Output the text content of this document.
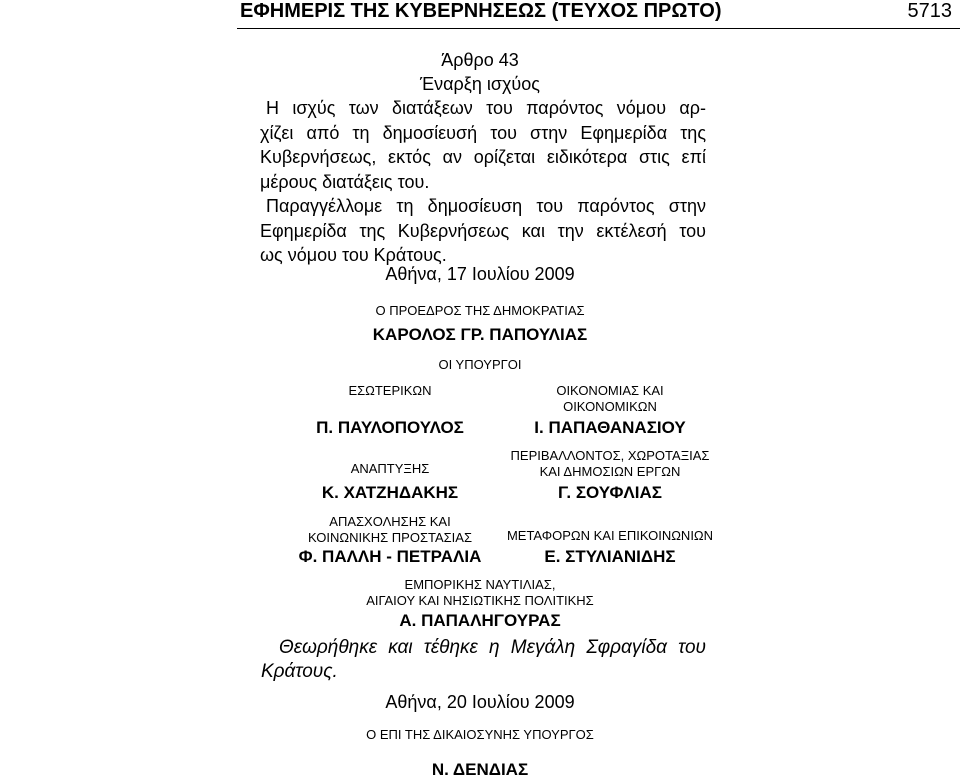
ΕΦΗΜΕΡΙΣ ΤΗΣ ΚΥΒΕΡΝΗΣΕΩΣ (ΤΕΥΧΟΣ ΠΡΩΤΟ)	5713
Άρθρο 43
Έναρξη ισχύος
Η ισχύς των διατάξεων του παρόντος νόμου αρ-
χίζει από τη δημοσίευσή του στην Εφημερίδα της
Κυβερνήσεως, εκτός αν ορίζεται ειδικότερα στις επί
μέρους διατάξεις του.
Παραγγέλλομε τη δημοσίευση του παρόντος στην
Εφημερίδα της Κυβερνήσεως και την εκτέλεσή του
ως νόμου του Κράτους.
Αθήνα, 17 Ιουλίου 2009
Ο ΠΡΟΕΔΡΟΣ ΤΗΣ ΔΗΜΟΚΡΑΤΙΑΣ
ΚΑΡΟΛΟΣ ΓΡ. ΠΑΠΟΥΛΙΑΣ
ΟΙ ΥΠΟΥΡΓΟΙ
ΕΣΩΤΕΡΙΚΩΝ
Π. ΠΑΥΛΟΠΟΥΛΟΣ
ΑΝΑΠΤΥΞΗΣ
Κ. ΧΑΤΖΗΔΑΚΗΣ
ΑΠΑΣΧΟΛΗΣΗΣ ΚΑΙ
ΚΟΙΝΩΝΙΚΗΣ ΠΡΟΣΤΑΣΙΑΣ
Φ. ΠΑΛΛΗ - ΠΕΤΡΑΛΙΑ
ΟΙΚΟΝΟΜΙΑΣ ΚΑΙ
ΟΙΚΟΝΟΜΙΚΩΝ
Ι. ΠΑΠΑΘΑΝΑΣΙΟΥ
ΠΕΡΙΒΑΛΛΟΝΤΟΣ, ΧΩΡΟΤΑΞΙΑΣ
ΚΑΙ ΔΗΜΟΣΙΩΝ ΕΡΓΩΝ
Γ. ΣΟΥΦΛΙΑΣ
ΜΕΤΑΦΟΡΩΝ ΚΑΙ ΕΠΙΚΟΙΝΩΝΙΩΝ
Ε. ΣΤΥΛΙΑΝΙΔΗΣ
ΕΜΠΟΡΙΚΗΣ ΝΑΥΤΙΛΙΑΣ,
ΑΙΓΑΙΟΥ ΚΑΙ ΝΗΣΙΩΤΙΚΗΣ ΠΟΛΙΤΙΚΗΣ
Α. ΠΑΠΑΛΗΓΟΥΡΑΣ
Θεωρήθηκε και τέθηκε η Μεγάλη Σφραγίδα του
Κράτους.
Αθήνα, 20 Ιουλίου 2009
Ο ΕΠΙ ΤΗΣ ΔΙΚΑΙΟΣΥΝΗΣ ΥΠΟΥΡΓΟΣ
Ν. ΔΕΝΔΙΑΣ
